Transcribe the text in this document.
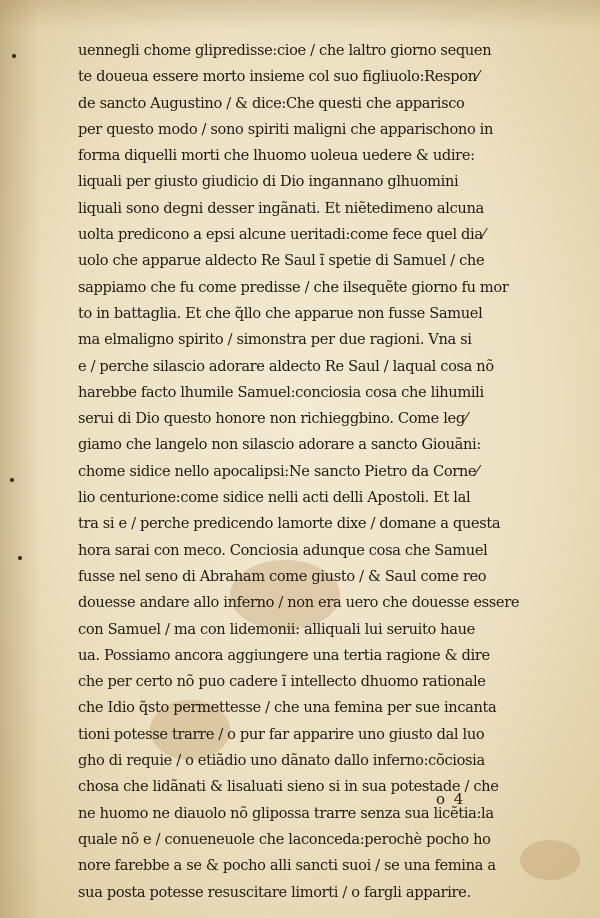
uennegli chome glipredisse:cioe / che laltro giorno sequen
te doueua essere morto insieme col suo figliuolo:Respon⁄
de sancto Augustino / & dice:Che questi che apparisco
per questo modo / sono spiriti maligni che apparischono in
forma diquelli morti che lhuomo uoleua uedere & udire:
liquali per giusto giudicio di Dio ingannano glhuomini
liquali sono degni desser ingãnati. Et niẽtedimeno alcuna
uolta predicono a epsi alcune ueritadi:come fece quel dia⁄
uolo che apparue aldecto Re Saul ĩ spetie di Samuel / che
sappiamo che fu come predisse / che ilsequẽte giorno fu mor
to in battaglia. Et che q̃llo che apparue non fusse Samuel
ma elmaligno spirito / simonstra per due ragioni. Vna si
e / perche silascio adorare aldecto Re Saul / laqual cosa nõ
harebbe facto lhumile Samuel:conciosia cosa che lihumili
serui di Dio questo honore non richieggbino. Come leg⁄
giamo che langelo non silascio adorare a sancto Giouãni:
chome sidice nello apocalipsi:Ne sancto Pietro da Corne⁄
lio centurione:come sidice nelli acti delli Apostoli. Et lal
tra si e / perche predicendo lamorte dixe / domane a questa
hora sarai con meco. Conciosia adunque cosa che Samuel
fusse nel seno di Abraham come giusto / & Saul come reo
douesse andare allo inferno / non era uero che douesse essere
con Samuel / ma con lidemonii: alliquali lui seruito haue
ua. Possiamo ancora aggiungere una tertia ragione & dire
che per certo nõ puo cadere ĩ intellecto dhuomo rationale
che Idio q̃sto permettesse / che una femina per sue incanta
tioni potesse trarre / o pur far apparire uno giusto dal luo
gho di requie / o etiãdio uno dãnato dallo inferno:cõciosia
chosa che lidãnati & lisaluati sieno si in sua potestade / che
ne huomo ne diauolo nõ glipossa trarre senza sua licẽtia:la
quale nõ e / conueneuole che laconceda:perochè pocho ho
nore farebbe a se & pocho alli sancti suoi / se una femina a
sua posta potesse resuscitare limorti / o fargli apparire.
o 4
